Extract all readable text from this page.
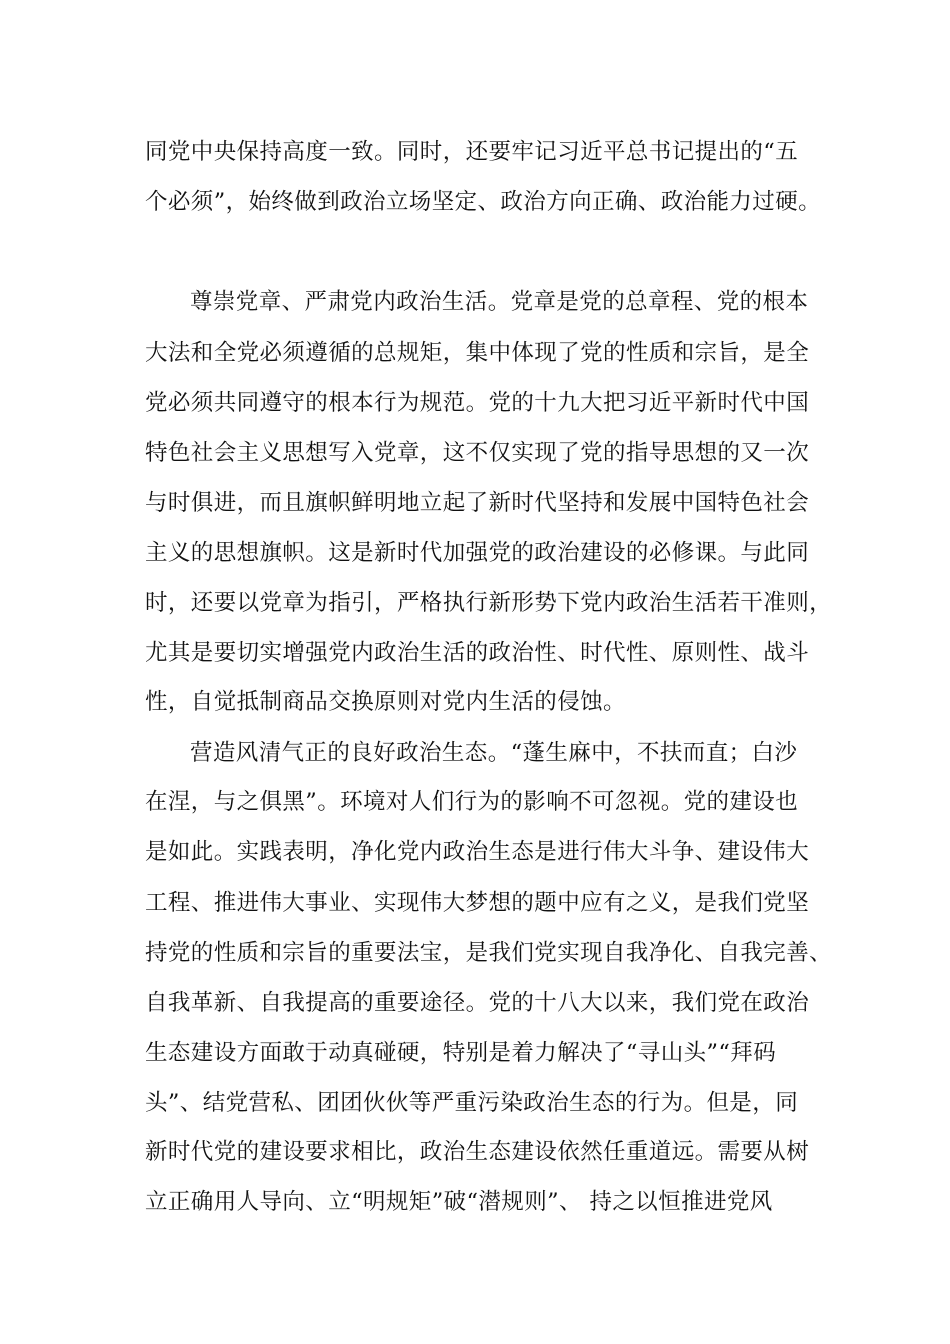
同党中央保持高度一致。同时，还要牢记习近平总书记提出的“五
个必须”，始终做到政治立场坚定、政治方向正确、政治能力过硬。
尊崇党章、严肃党内政治生活。党章是党的总章程、党的根本
大法和全党必须遵循的总规矩，集中体现了党的性质和宗旨，是全
党必须共同遵守的根本行为规范。党的十九大把习近平新时代中国
特色社会主义思想写入党章，这不仅实现了党的指导思想的又一次
与时俱进，而且旗帜鲜明地立起了新时代坚持和发展中国特色社会
主义的思想旗帜。这是新时代加强党的政治建设的必修课。与此同
时，还要以党章为指引，严格执行新形势下党内政治生活若干准则，
尤其是要切实增强党内政治生活的政治性、时代性、原则性、战斗
性，自觉抵制商品交换原则对党内生活的侵蚀。
营造风清气正的良好政治生态。“蓬生麻中，不扶而直；白沙
在涅，与之俱黑”。环境对人们行为的影响不可忽视。党的建设也
是如此。实践表明，净化党内政治生态是进行伟大斗争、建设伟大
工程、推进伟大事业、实现伟大梦想的题中应有之义，是我们党坚
持党的性质和宗旨的重要法宝，是我们党实现自我净化、自我完善、
自我革新、自我提高的重要途径。党的十八大以来，我们党在政治
生态建设方面敢于动真碰硬，特别是着力解决了“寻山头”“拜码
头”、结党营私、团团伙伙等严重污染政治生态的行为。但是，同
新时代党的建设要求相比，政治生态建设依然任重道远。需要从树
立正确用人导向、立“明规矩”破“潜规则”、 持之以恒推进党风
